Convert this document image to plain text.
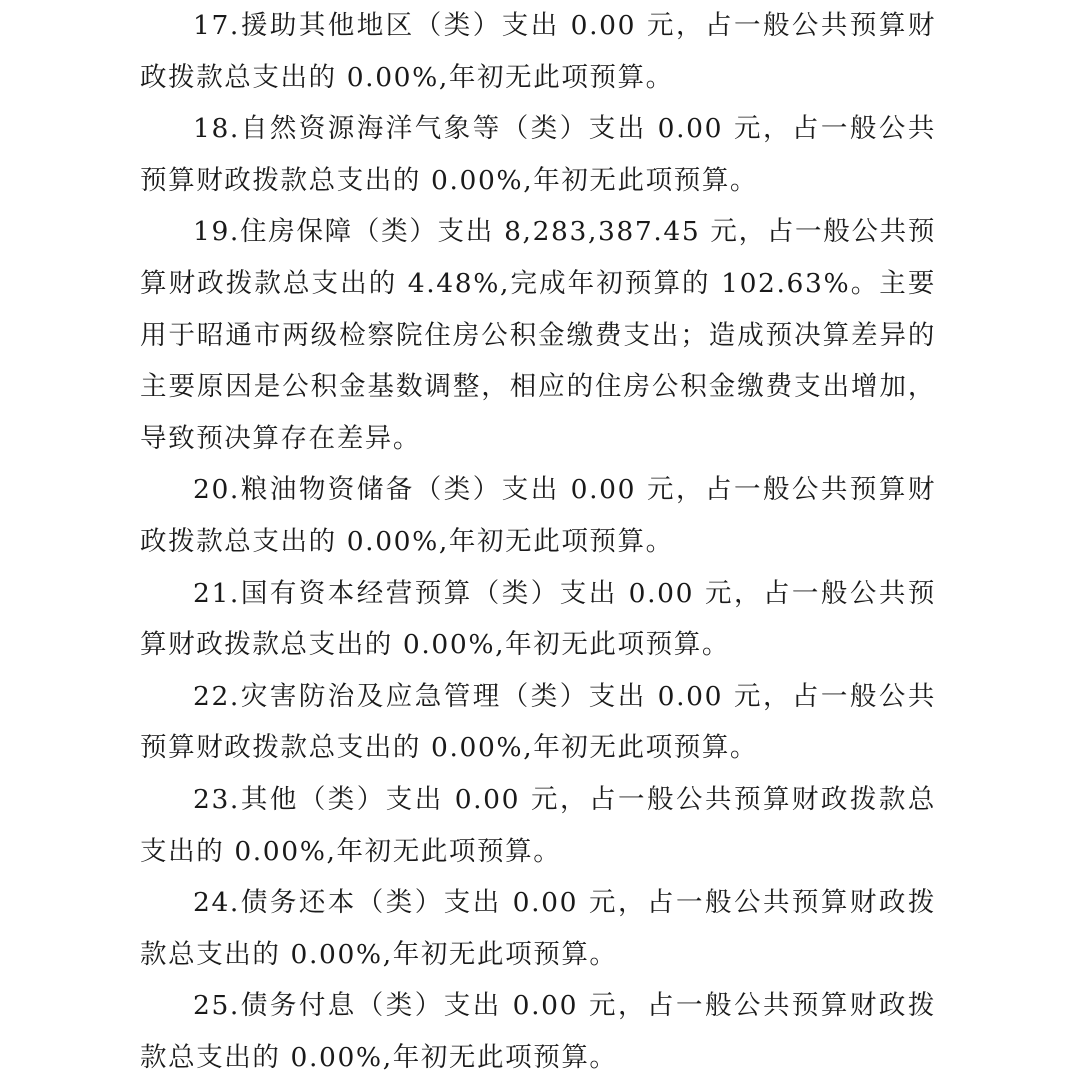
17.援助其他地区（类）支出 0.00 元，占一般公共预算财政拨款总支出的 0.00%,年初无此项预算。

18.自然资源海洋气象等（类）支出 0.00 元，占一般公共预算财政拨款总支出的 0.00%,年初无此项预算。

19.住房保障（类）支出 8,283,387.45 元，占一般公共预算财政拨款总支出的 4.48%,完成年初预算的 102.63%。主要用于昭通市两级检察院住房公积金缴费支出；造成预决算差异的主要原因是公积金基数调整，相应的住房公积金缴费支出增加，导致预决算存在差异。

20.粮油物资储备（类）支出 0.00 元，占一般公共预算财政拨款总支出的 0.00%,年初无此项预算。

21.国有资本经营预算（类）支出 0.00 元，占一般公共预算财政拨款总支出的 0.00%,年初无此项预算。

22.灾害防治及应急管理（类）支出 0.00 元，占一般公共预算财政拨款总支出的 0.00%,年初无此项预算。

23.其他（类）支出 0.00 元，占一般公共预算财政拨款总支出的 0.00%,年初无此项预算。

24.债务还本（类）支出 0.00 元，占一般公共预算财政拨款总支出的 0.00%,年初无此项预算。

25.债务付息（类）支出 0.00 元，占一般公共预算财政拨款总支出的 0.00%,年初无此项预算。
